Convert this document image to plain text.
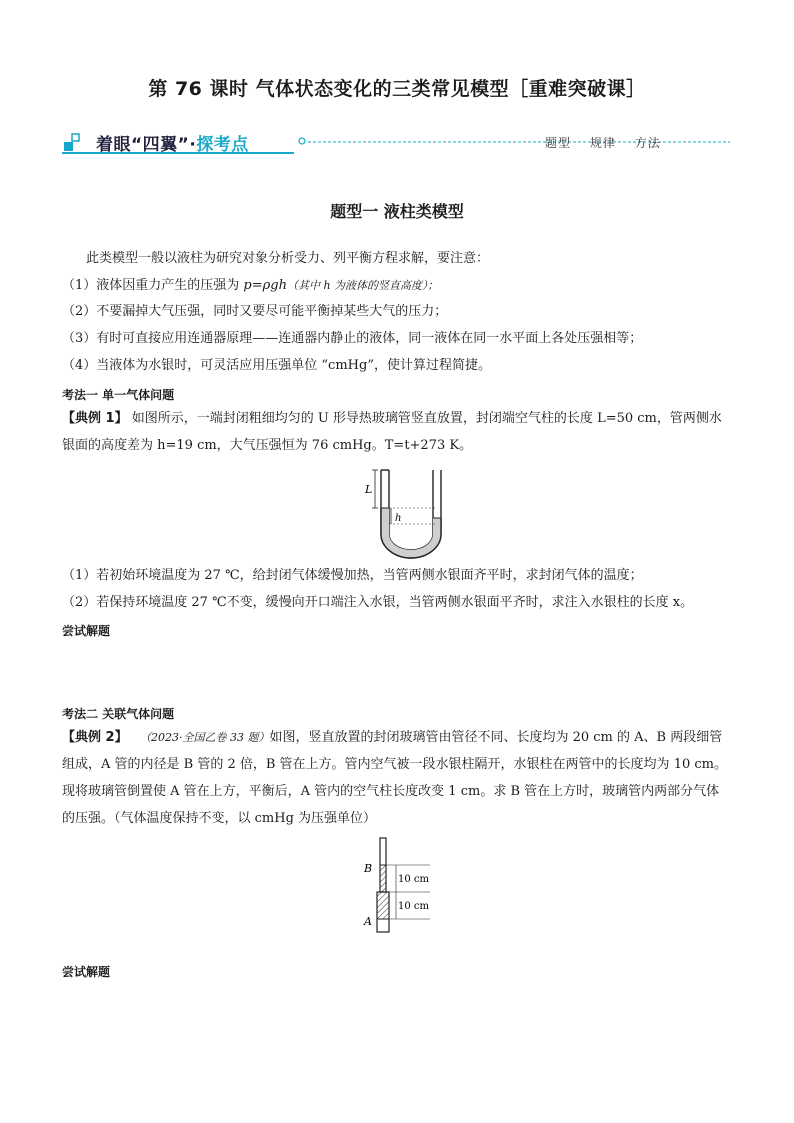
第 76 课时 气体状态变化的三类常见模型［重难突破课］
着眼“四翼”·探考点	题型 规律 方法
题型一 液柱类模型
此类模型一般以液柱为研究对象分析受力、列平衡方程求解，要注意：
（1）液体因重力产生的压强为 p=ρgh（其中 h 为液体的竖直高度）；
（2）不要漏掉大气压强，同时又要尽可能平衡掉某些大气的压力；
（3）有时可直接应用连通器原理——连通器内静止的液体，同一液体在同一水平面上各处压强相等；
（4）当液体为水银时，可灵活应用压强单位 “cmHg”，使计算过程简捷。
考法一 单一气体问题
【典例 1】 如图所示，一端封闭粗细均匀的 U 形导热玻璃管竖直放置，封闭端空气柱的长度 L=50 cm，管两侧水银面的高度差为 h=19 cm，大气压强恒为 76 cmHg。T=t+273 K。
L
h
（1）若初始环境温度为 27 ℃，给封闭气体缓慢加热，当管两侧水银面齐平时，求封闭气体的温度；
（2）若保持环境温度 27 ℃不变，缓慢向开口端注入水银，当管两侧水银面平齐时，求注入水银柱的长度 x。
尝试解题
考法二 关联气体问题
【典例 2】 （2023·全国乙卷 33 题）如图，竖直放置的封闭玻璃管由管径不同、长度均为 20 cm 的 A、B 两段细管组成，A 管的内径是 B 管的 2 倍，B 管在上方。管内空气被一段水银柱隔开，水银柱在两管中的长度均为 10 cm。现将玻璃管倒置使 A 管在上方，平衡后，A 管内的空气柱长度改变 1 cm。求 B 管在上方时，玻璃管内两部分气体的压强。（气体温度保持不变，以 cmHg 为压强单位）
10 cm
10 cm
B
A
尝试解题
